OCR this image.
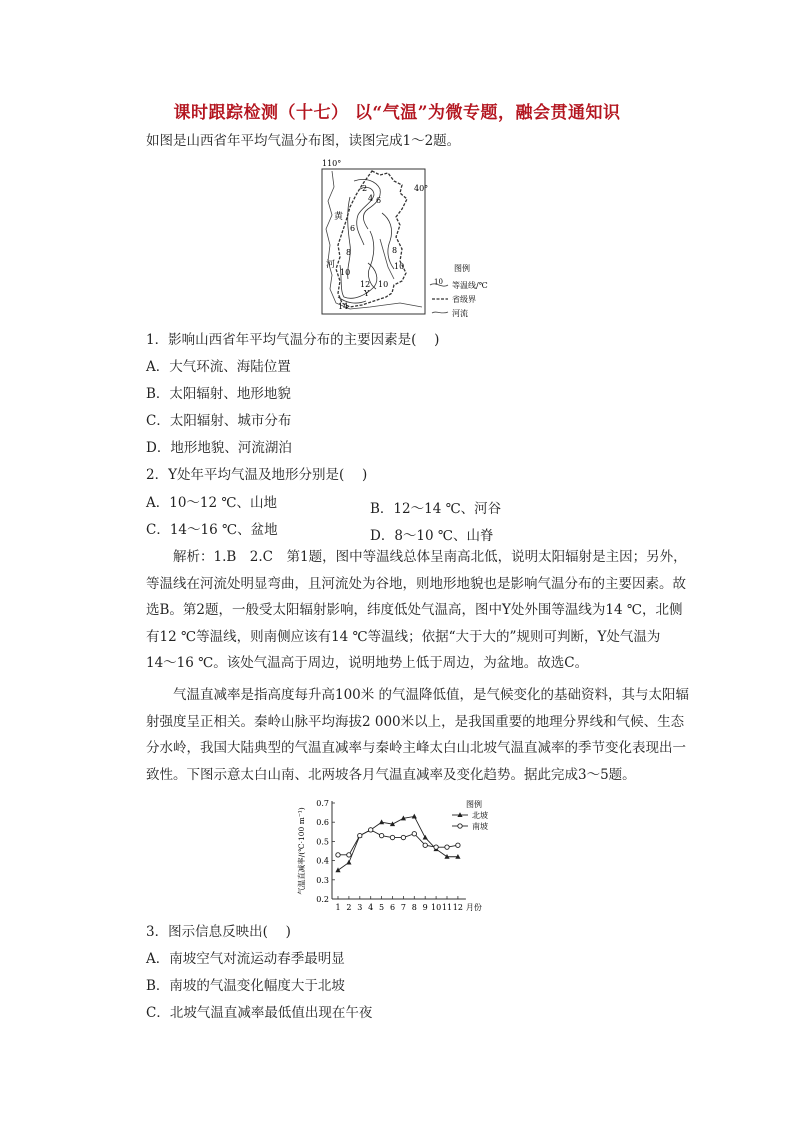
课时跟踪检测（十七） 以“气温”为微专题，融会贯通知识
如图是山西省年平均气温分布图，读图完成1～2题。
110°
40°
黄
河
Y
2
4 6
6
8	8
10
10
10
12
14
图例
10 等温线/℃
省级界
河流
1．影响山西省年平均气温分布的主要因素是(　 )
A．大气环流、海陆位置
B．太阳辐射、地形地貌
C．太阳辐射、城市分布
D．地形地貌、河流湖泊
2．Y处年平均气温及地形分别是(　 )
A．10～12 ℃、山地	B．12～14 ℃、河谷
C．14～16 ℃、盆地	D．8～10 ℃、山脊
解析：1.B　2.C　第1题，图中等温线总体呈南高北低，说明太阳辐射是主因；另外，
等温线在河流处明显弯曲，且河流处为谷地，则地形地貌也是影响气温分布的主要因素。故
选B。第2题，一般受太阳辐射影响，纬度低处气温高，图中Y处外围等温线为14 ℃，北侧
有12 ℃等温线，则南侧应该有14 ℃等温线；依据“大于大的”规则可判断，Y处气温为
14～16 ℃。该处气温高于周边，说明地势上低于周边，为盆地。故选C。
气温直减率是指高度每升高100米 的气温降低值，是气候变化的基础资料，其与太阳辐
射强度呈正相关。秦岭山脉平均海拔2 000米以上，是我国重要的地理分界线和气候、生态
分水岭，我国大陆典型的气温直减率与秦岭主峰太白山北坡气温直减率的季节变化表现出一
致性。下图示意太白山南、北两坡各月气温直减率及变化趋势。据此完成3～5题。
0.2
0.3
0.4
0.5
0.6
0.7
1 2 3 4 5 6 7 8 9 10 11 12 月份
气温直减率/(℃·100 m⁻¹)
图例
北坡
南坡
3．图示信息反映出(　 )
A．南坡空气对流运动春季最明显
B．南坡的气温变化幅度大于北坡
C．北坡气温直减率最低值出现在午夜
